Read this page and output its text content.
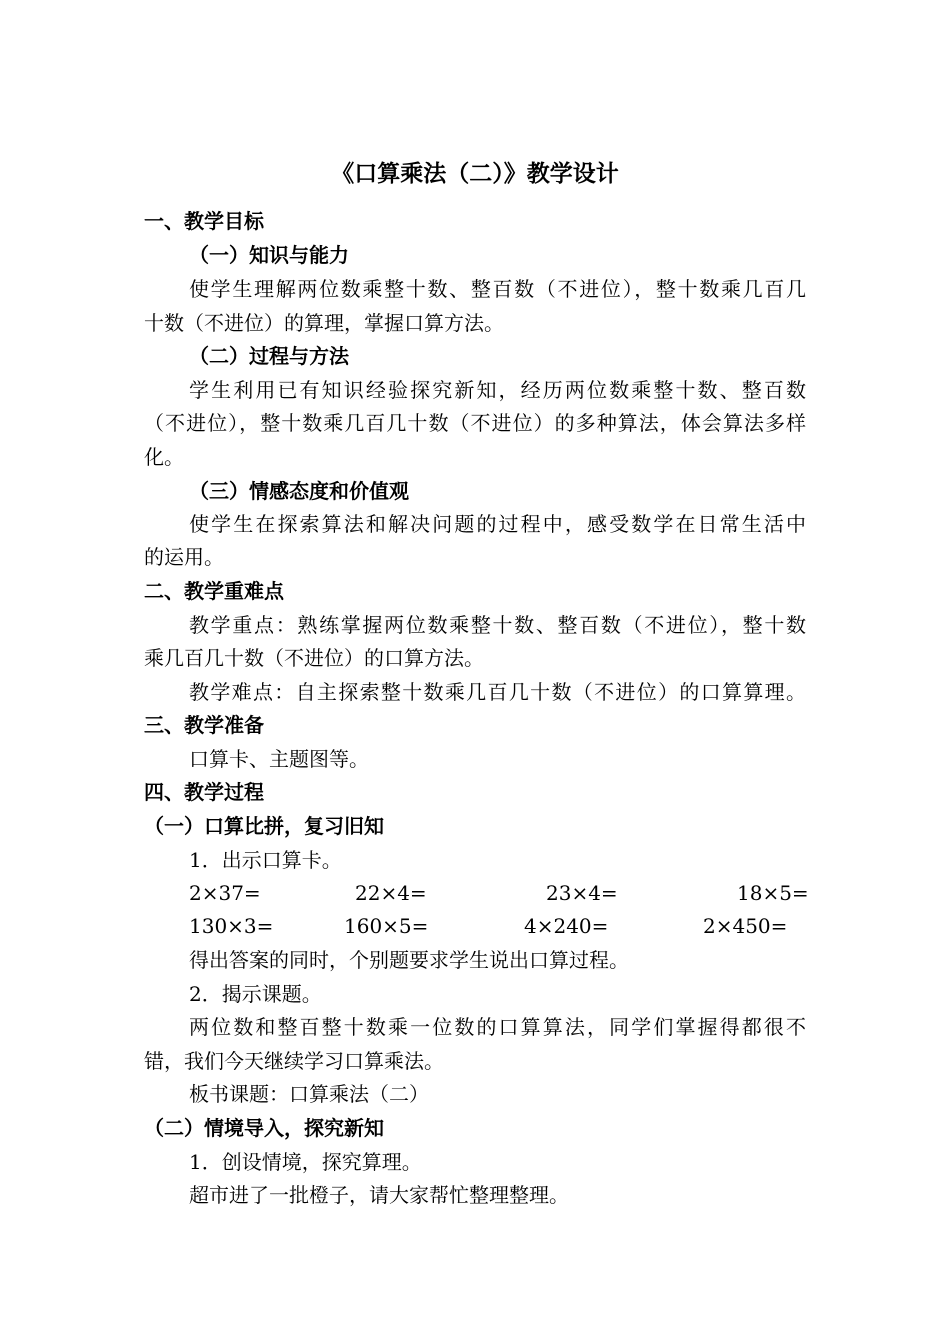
《口算乘法（二）》教学设计
一、教学目标
（一）知识与能力
使学生理解两位数乘整十数、整百数（不进位），整十数乘几百几
十数（不进位）的算理，掌握口算方法。
（二）过程与方法
学生利用已有知识经验探究新知，经历两位数乘整十数、整百数
（不进位），整十数乘几百几十数（不进位）的多种算法，体会算法多样
化。
（三）情感态度和价值观
使学生在探索算法和解决问题的过程中，感受数学在日常生活中
的运用。
二、教学重难点
教学重点：熟练掌握两位数乘整十数、整百数（不进位），整十数
乘几百几十数（不进位）的口算方法。
教学难点：自主探索整十数乘几百几十数（不进位）的口算算理。
三、教学准备
口算卡、主题图等。
四、教学过程
（一）口算比拼，复习旧知
1．出示口算卡。
2×37=	22×4=	23×4=	18×5=
130×3=	160×5=	4×240=	2×450=
得出答案的同时，个别题要求学生说出口算过程。
2．揭示课题。
两位数和整百整十数乘一位数的口算算法，同学们掌握得都很不
错，我们今天继续学习口算乘法。
板书课题：口算乘法（二）
（二）情境导入，探究新知
1．创设情境，探究算理。
超市进了一批橙子，请大家帮忙整理整理。
